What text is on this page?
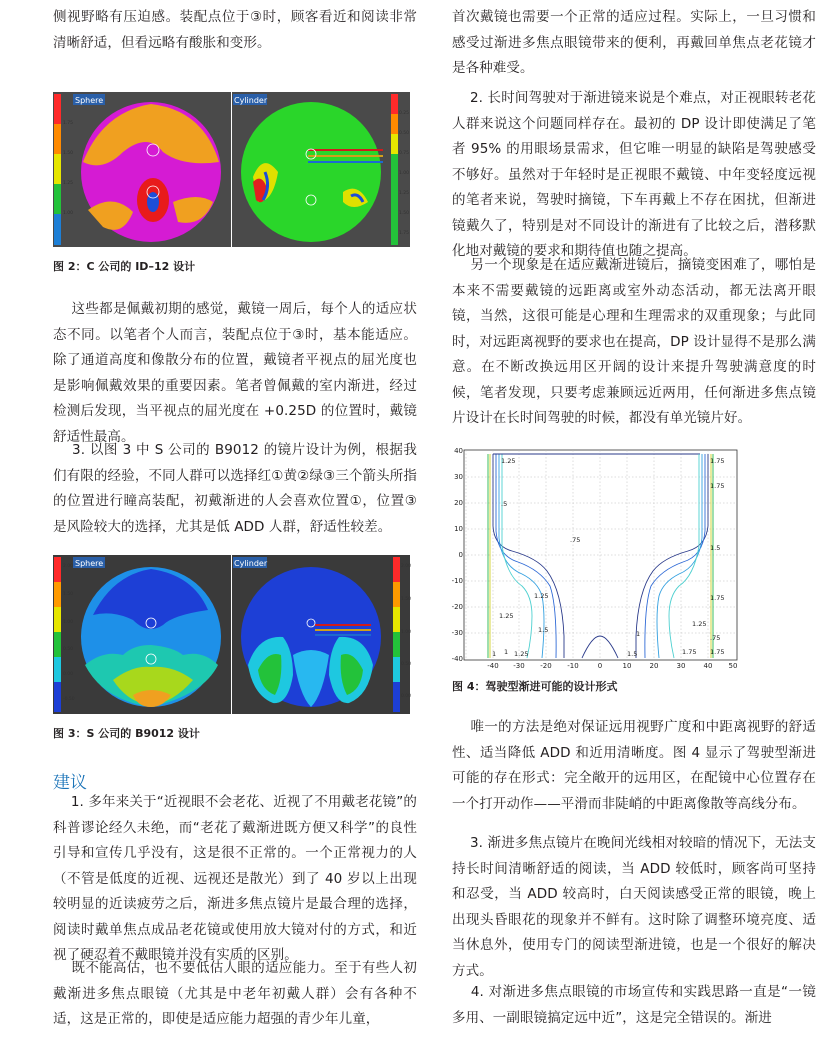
侧视野略有压迫感。装配点位于③时，顾客看近和阅读非常清晰舒适，但看远略有酸胀和变形。

Sphere
1.75
1.50
1.25
1.00
Cylinder
0.25
0.50
0.75
1.00
1.25
1.50
1.75

图 2：C 公司的 ID–12 设计

这些都是佩戴初期的感觉，戴镜一周后，每个人的适应状态不同。以笔者个人而言，装配点位于③时，基本能适应。除了通道高度和像散分布的位置，戴镜者平视点的屈光度也是影响佩戴效果的重要因素。笔者曾佩戴的室内渐进，经过检测后发现，当平视点的屈光度在 +0.25D 的位置时，戴镜舒适性最高。

3. 以图 3 中 S 公司的 B9012 的镜片设计为例，根据我们有限的经验，不同人群可以选择红①黄②绿③三个箭头所指的位置进行瞳高装配，初戴渐进的人会喜欢位置①，位置③是风险较大的选择，尤其是低 ADD 人群，舒适性较差。

Sphere
2.00
1.50
1.00
0.50
0.00
-0.50
Cylinder	2.00
1.50
1.00
0.50
0.00

图 3：S 公司的 B9012 设计

建议

1. 多年来关于“近视眼不会老花、近视了不用戴老花镜”的科普谬论经久未绝，而“老花了戴渐进既方便又科学”的良性引导和宣传几乎没有，这是很不正常的。一个正常视力的人（不管是低度的近视、远视还是散光）到了 40 岁以上出现较明显的近读疲劳之后，渐进多焦点镜片是最合理的选择，阅读时戴单焦点成品老花镜或使用放大镜对付的方式，和近视了硬忍着不戴眼镜并没有实质的区别。

既不能高估，也不要低估人眼的适应能力。至于有些人初戴渐进多焦点眼镜（尤其是中老年初戴人群）会有各种不适，这是正常的，即使是适应能力超强的青少年儿童，

首次戴镜也需要一个正常的适应过程。实际上，一旦习惯和感受过渐进多焦点眼镜带来的便利，再戴回单焦点老花镜才是各种难受。

2. 长时间驾驶对于渐进镜来说是个难点，对正视眼转老花人群来说这个问题同样存在。最初的 DP 设计即使满足了笔者 95% 的用眼场景需求，但它唯一明显的缺陷是驾驶感受不够好。虽然对于年轻时是正视眼不戴镜、中年变轻度远视的笔者来说，驾驶时摘镜，下车再戴上不存在困扰，但渐进镜戴久了，特别是对不同设计的渐进有了比较之后，潜移默化地对戴镜的要求和期待值也随之提高。

另一个现象是在适应戴渐进镜后，摘镜变困难了，哪怕是本来不需要戴镜的远距离或室外动态活动，都无法离开眼镜，当然，这很可能是心理和生理需求的双重现象；与此同时，对远距离视野的要求也在提高，DP 设计显得不是那么满意。在不断改换远用区开阔的设计来提升驾驶满意度的时候，笔者发现，只要考虑兼顾远近两用，任何渐进多焦点镜片设计在长时间驾驶的时候，都没有单光镜片好。

1.25	1.75
.5
1.75
.75
1.5
1.25	1.75
1.25
1.5
.75
1.75
1.25
1
1 1.25	1.75
1.5
1
-40 -30 -20 -10	0	10	20	30	40 50
40
30
20
10
0
-10
-20
-30
-40

图 4：驾驶型渐进可能的设计形式

唯一的方法是绝对保证远用视野广度和中距离视野的舒适性、适当降低 ADD 和近用清晰度。图 4 显示了驾驶型渐进可能的存在形式：完全敞开的远用区，在配镜中心位置存在一个打开动作——平滑而非陡峭的中距离像散等高线分布。

3. 渐进多焦点镜片在晚间光线相对较暗的情况下，无法支持长时间清晰舒适的阅读，当 ADD 较低时，顾客尚可坚持和忍受，当 ADD 较高时，白天阅读感受正常的眼镜，晚上出现头昏眼花的现象并不鲜有。这时除了调整环境亮度、适当休息外，使用专门的阅读型渐进镜，也是一个很好的解决方式。

4. 对渐进多焦点眼镜的市场宣传和实践思路一直是“一镜多用、一副眼镜搞定远中近”，这是完全错误的。渐进
